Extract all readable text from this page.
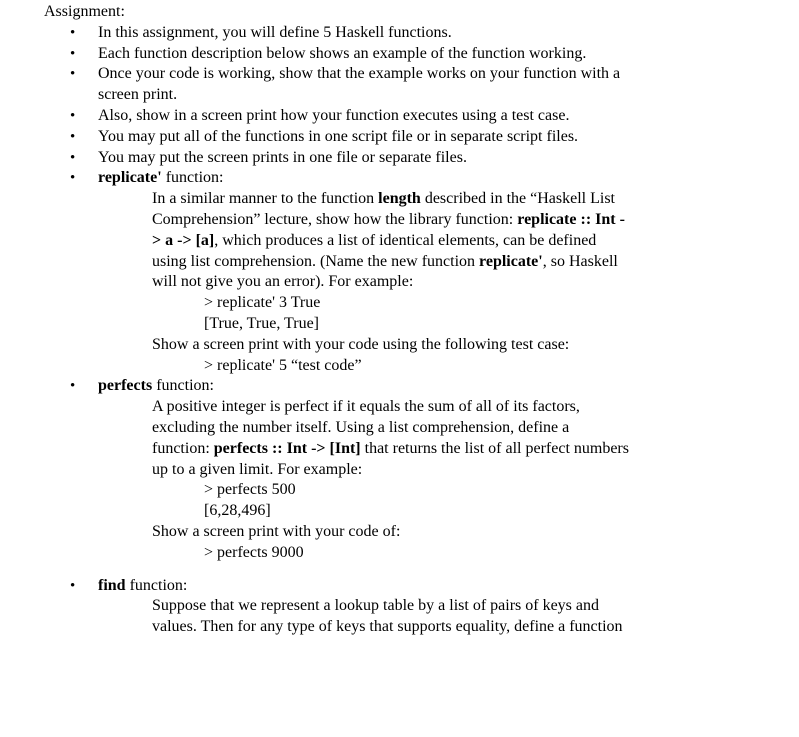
Assignment:
• In this assignment, you will define 5 Haskell functions.
• Each function description below shows an example of the function working.
• Once your code is working, show that the example works on your function with a
screen print.
• Also, show in a screen print how your function executes using a test case.
• You may put all of the functions in one script file or in separate script files.
• You may put the screen prints in one file or separate files.
• replicate' function:
In a similar manner to the function length described in the “Haskell List
Comprehension” lecture, show how the library function: replicate :: Int -
> a -> [a], which produces a list of identical elements, can be defined
using list comprehension. (Name the new function replicate', so Haskell
will not give you an error). For example:
> replicate' 3 True
[True, True, True]
Show a screen print with your code using the following test case:
> replicate' 5 “test code”
• perfects function:
A positive integer is perfect if it equals the sum of all of its factors,
excluding the number itself. Using a list comprehension, define a
function: perfects :: Int -> [Int] that returns the list of all perfect numbers
up to a given limit. For example:
> perfects 500
[6,28,496]
Show a screen print with your code of:
> perfects 9000
• find function:
Suppose that we represent a lookup table by a list of pairs of keys and
values. Then for any type of keys that supports equality, define a function
